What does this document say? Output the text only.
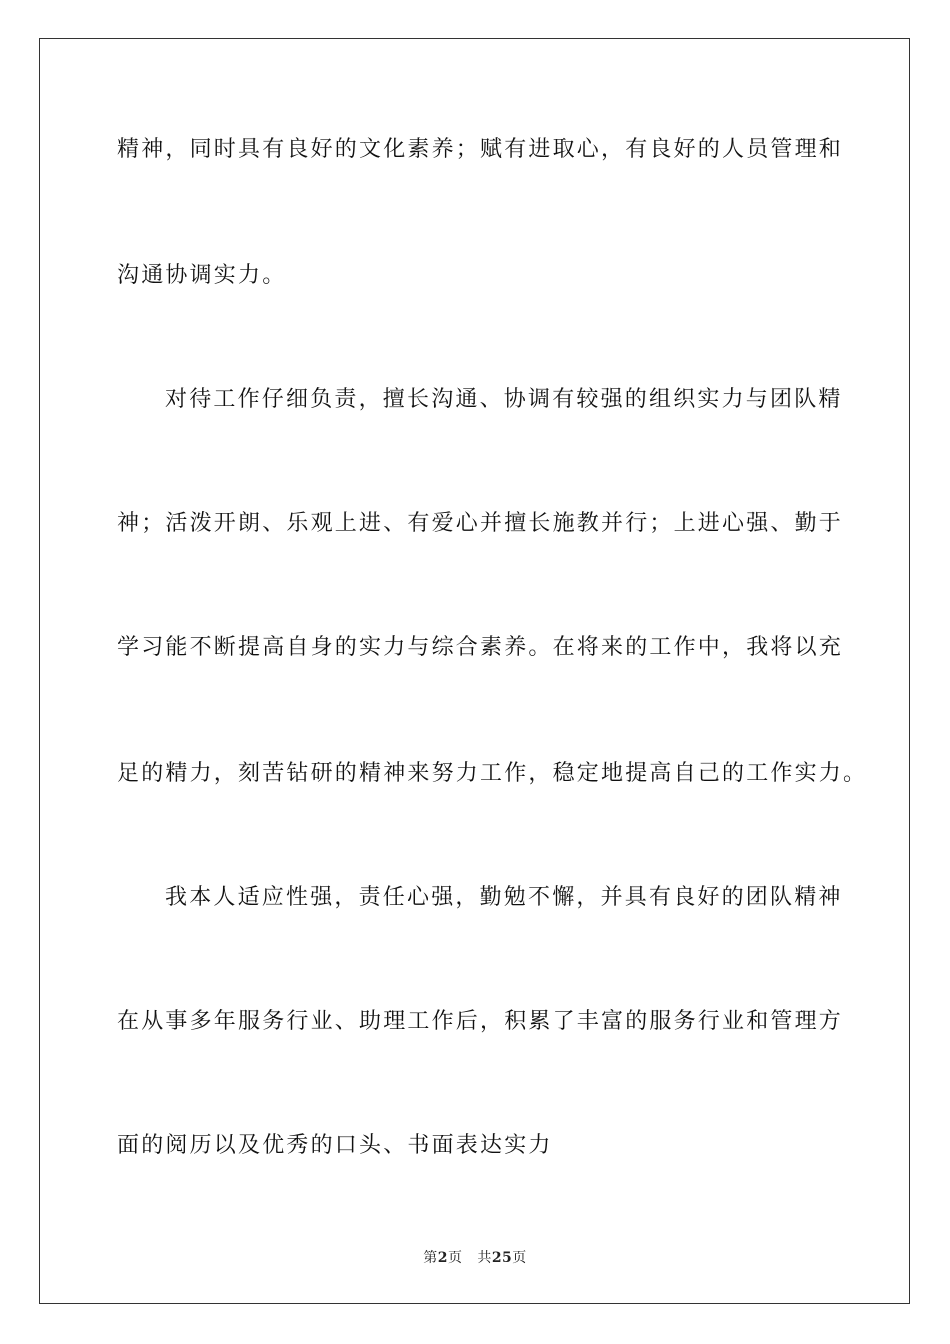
精神，同时具有良好的文化素养；赋有进取心，有良好的人员管理和
沟通协调实力。
对待工作仔细负责，擅长沟通、协调有较强的组织实力与团队精
神；活泼开朗、乐观上进、有爱心并擅长施教并行；上进心强、勤于
学习能不断提高自身的实力与综合素养。在将来的工作中，我将以充
足的精力，刻苦钻研的精神来努力工作，稳定地提高自己的工作实力。
我本人适应性强，责任心强，勤勉不懈，并具有良好的团队精神
在从事多年服务行业、助理工作后，积累了丰富的服务行业和管理方
面的阅历以及优秀的口头、书面表达实力
第2页 共25页
